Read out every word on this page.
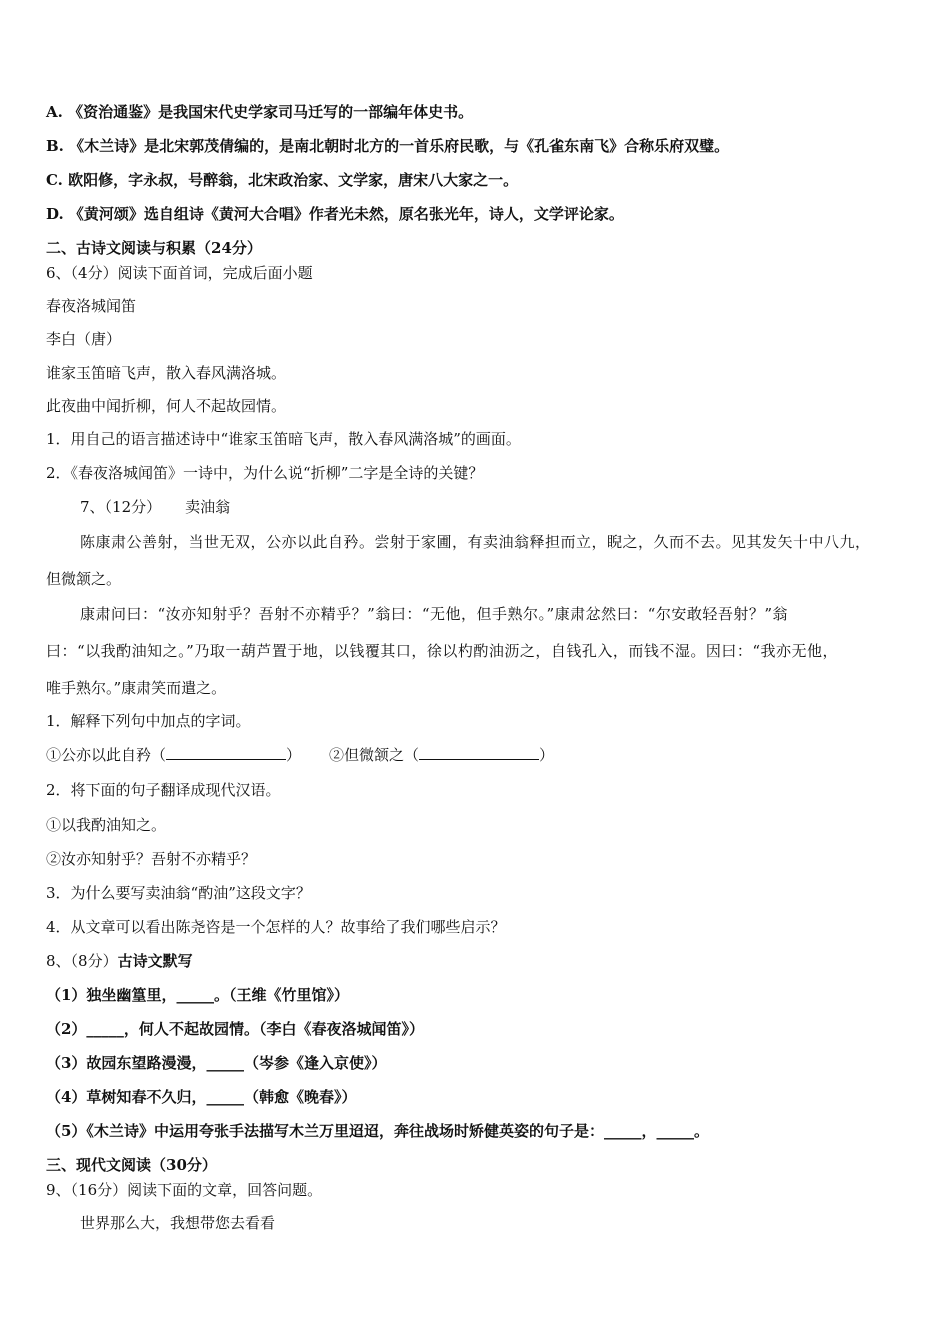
A. 《资治通鉴》是我国宋代史学家司马迁写的一部编年体史书。
B. 《木兰诗》是北宋郭茂倩编的，是南北朝时北方的一首乐府民歌，与《孔雀东南飞》合称乐府双璧。
C. 欧阳修，字永叔，号醉翁，北宋政治家、文学家，唐宋八大家之一。
D. 《黄河颂》选自组诗《黄河大合唱》作者光未然，原名张光年，诗人，文学评论家。
二、古诗文阅读与积累（24分）
6、（4分）阅读下面首词，完成后面小题
春夜洛城闻笛
李白（唐）
谁家玉笛暗飞声，散入春风满洛城。
此夜曲中闻折柳，何人不起故园情。
1．用自己的语言描述诗中“谁家玉笛暗飞声，散入春风满洛城”的画面。
2．《春夜洛城闻笛》一诗中，为什么说“折柳”二字是全诗的关键？
7、（12分） 卖油翁
陈康肃公善射，当世无双，公亦以此自矜。尝射于家圃，有卖油翁释担而立，睨之，久而不去。见其发矢十中八九，
但微颔之。
康肃问曰：“汝亦知射乎？吾射不亦精乎？”翁曰：“无他，但手熟尔。”康肃忿然曰：“尔安敢轻吾射？”翁
曰：“以我酌油知之。”乃取一葫芦置于地，以钱覆其口，徐以杓酌油沥之，自钱孔入，而钱不湿。因曰：“我亦无他，
唯手熟尔。”康肃笑而遣之。
1．解释下列句中加点的字词。
①公亦以此自矜（	） ②但微颔之（	）
2．将下面的句子翻译成现代汉语。
①以我酌油知之。
②汝亦知射乎？吾射不亦精乎？
3．为什么要写卖油翁“酌油”这段文字？
4．从文章可以看出陈尧咨是一个怎样的人？故事给了我们哪些启示？
8、（8分）古诗文默写
（1）独坐幽篁里，_____。（王维《竹里馆》）
（2）_____，何人不起故园情。（李白《春夜洛城闻笛》）
（3）故园东望路漫漫，_____（岑参《逢入京使》）
（4）草树知春不久归，_____（韩愈《晚春》）
（5）《木兰诗》中运用夸张手法描写木兰万里迢迢，奔往战场时矫健英姿的句子是：_____，_____。
三、现代文阅读（30分）
9、（16分）阅读下面的文章，回答问题。
世界那么大，我想带您去看看
